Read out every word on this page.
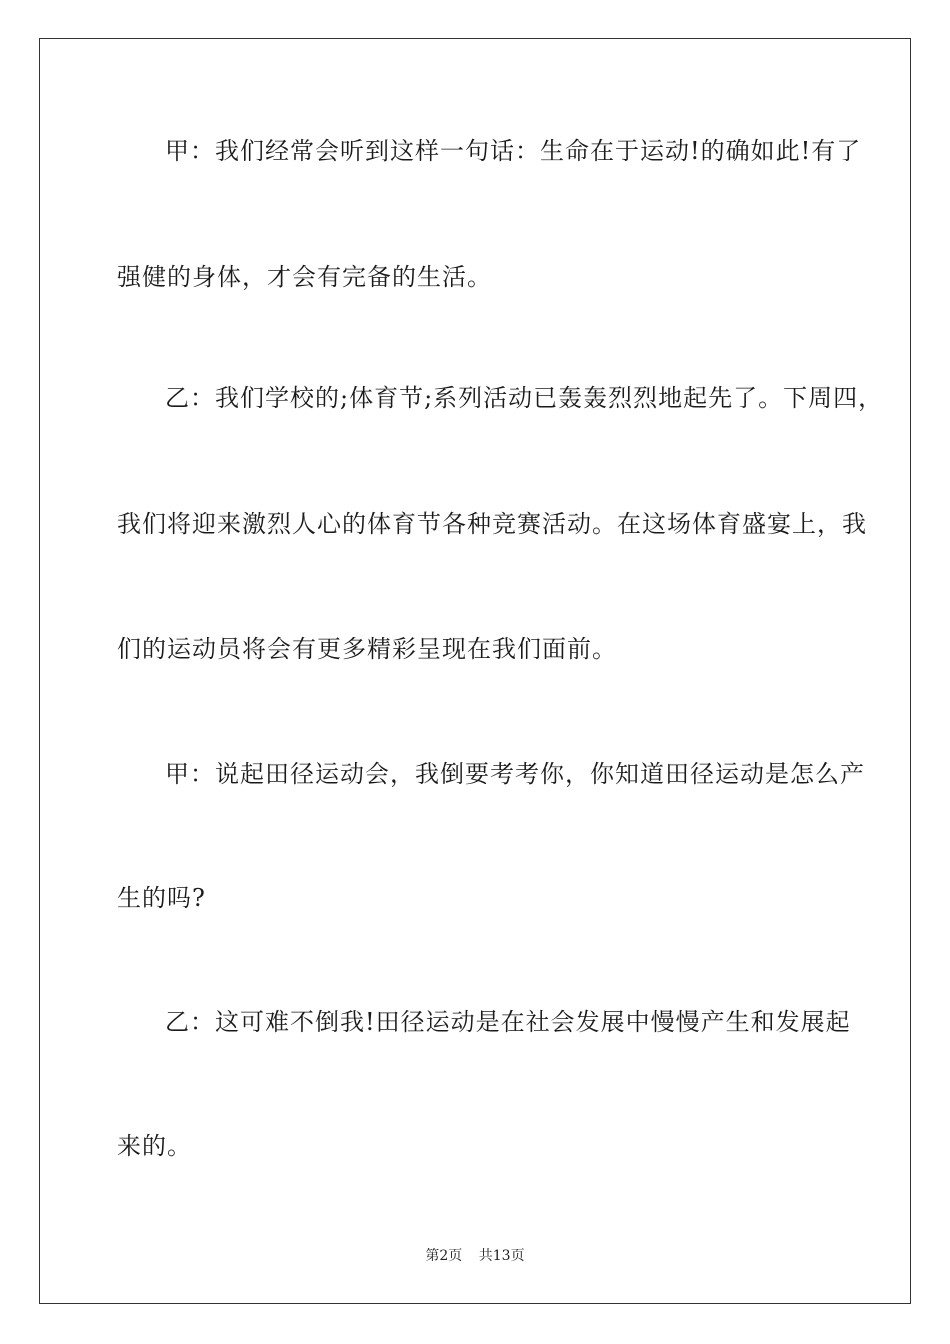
甲：我们经常会听到这样一句话：生命在于运动!的确如此!有了
强健的身体，才会有完备的生活。
乙：我们学校的;体育节;系列活动已轰轰烈烈地起先了。下周四，
我们将迎来激烈人心的体育节各种竞赛活动。在这场体育盛宴上，我
们的运动员将会有更多精彩呈现在我们面前。
甲：说起田径运动会，我倒要考考你，你知道田径运动是怎么产
生的吗?
乙：这可难不倒我!田径运动是在社会发展中慢慢产生和发展起
来的。
第2页 共13页
